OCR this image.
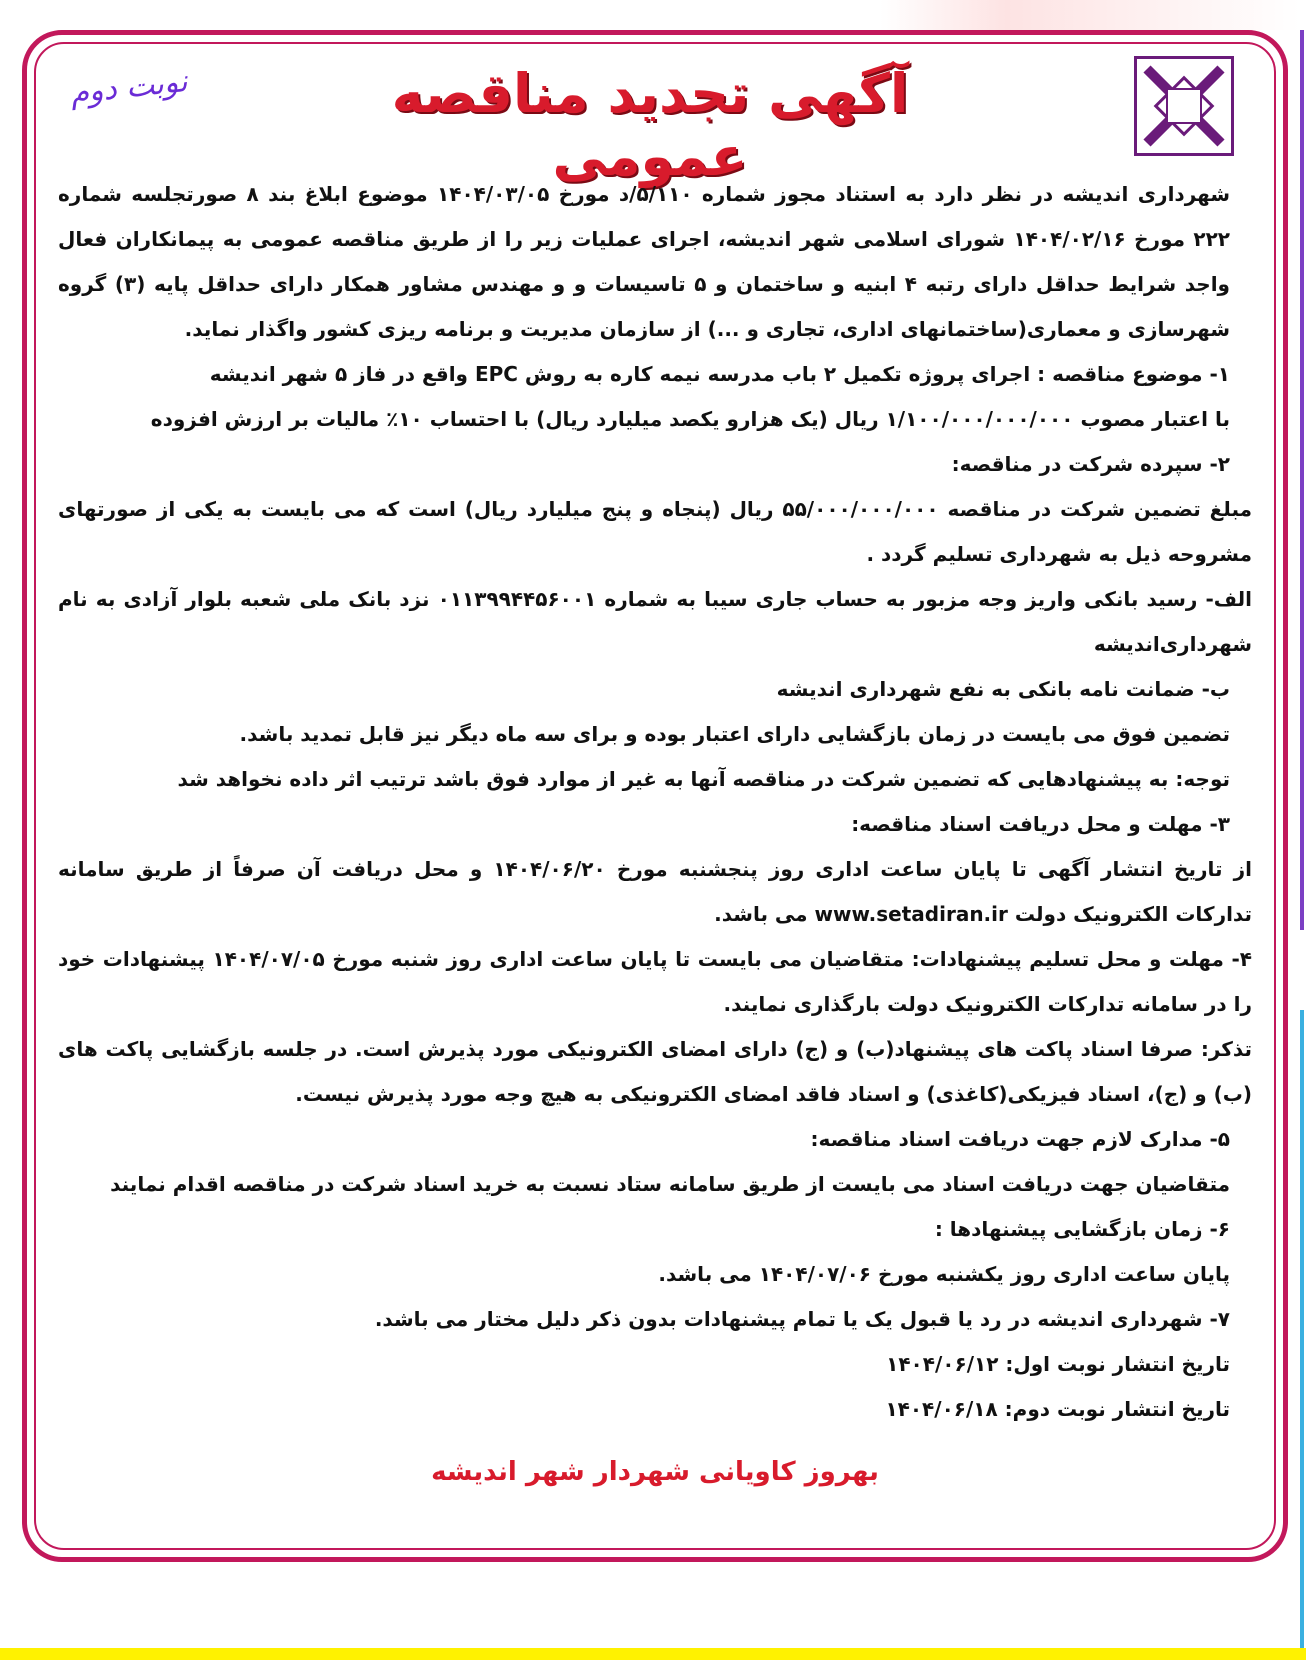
آگهی تجدید مناقصه عمومی
نوبت دوم

شهرداری اندیشه در نظر دارد به استناد مجوز شماره ۵/۱۱۰/د مورخ ۱۴۰۴/۰۳/۰۵ موضوع ابلاغ بند ۸ صورتجلسه شماره ۲۲۲ مورخ ۱۴۰۴/۰۲/۱۶ شورای اسلامی شهر اندیشه، اجرای عملیات زیر را از طریق مناقصه عمومی به پیمانکاران فعال واجد شرایط حداقل دارای رتبه ۴ ابنیه و ساختمان و ۵ تاسیسات و و مهندس مشاور همکار دارای حداقل پایه (۳) گروه شهرسازی و معماری(ساختمانهای اداری، تجاری و ...) از سازمان مدیریت و برنامه ریزی کشور واگذار نماید.

۱- موضوع مناقصه : اجرای پروژه تکمیل ۲ باب مدرسه نیمه کاره به روش EPC واقع در فاز ۵ شهر اندیشه

با اعتبار مصوب ۱/۱۰۰/۰۰۰/۰۰۰/۰۰۰ ریال (یک هزارو یکصد میلیارد ریال) با احتساب ۱۰٪ مالیات بر ارزش افزوده

۲- سپرده شرکت در مناقصه:

مبلغ تضمین شرکت در مناقصه ۵۵/۰۰۰/۰۰۰/۰۰۰ ریال (پنجاه و پنج میلیارد ریال) است که می بایست به یکی از صورتهای مشروحه ذیل به شهرداری تسلیم گردد .

الف- رسید بانکی واریز وجه مزبور به حساب جاری سیبا به شماره ۰۱۱۳۹۹۴۴۵۶۰۰۱ نزد بانک ملی شعبه بلوار آزادی به نام شهرداری‌اندیشه

ب- ضمانت نامه بانکی به نفع شهرداری اندیشه

تضمین فوق می بایست در زمان بازگشایی دارای اعتبار بوده و برای سه ماه دیگر نیز قابل تمدید باشد.

توجه: به پیشنهادهایی که تضمین شرکت در مناقصه آنها به غیر از موارد فوق باشد ترتیب اثر داده نخواهد شد

۳- مهلت و محل دریافت اسناد مناقصه:

از تاریخ انتشار آگهی تا پایان ساعت اداری روز پنجشنبه مورخ ۱۴۰۴/۰۶/۲۰ و محل دریافت آن صرفاً از طریق سامانه تدارکات الکترونیک دولت www.setadiran.ir می باشد.

۴- مهلت و محل تسلیم پیشنهادات: متقاضیان می بایست تا پایان ساعت اداری روز شنبه مورخ ۱۴۰۴/۰۷/۰۵ پیشنهادات خود را در سامانه تدارکات الکترونیک دولت بارگذاری نمایند.

تذکر: صرفا اسناد پاکت های پیشنهاد(ب) و (ج) دارای امضای الکترونیکی مورد پذیرش است. در جلسه بازگشایی پاکت های (ب) و (ج)، اسناد فیزیکی(کاغذی) و اسناد فاقد امضای الکترونیکی به هیچ وجه مورد پذیرش نیست.

۵- مدارک لازم جهت دریافت اسناد مناقصه:

متقاضیان جهت دریافت اسناد می بایست از طریق سامانه ستاد نسبت به خرید اسناد شرکت در مناقصه اقدام نمایند

۶- زمان بازگشایی پیشنهادها :

پایان ساعت اداری روز یکشنبه مورخ ۱۴۰۴/۰۷/۰۶ می باشد.

۷- شهرداری اندیشه در رد یا قبول یک یا تمام پیشنهادات بدون ذکر دلیل مختار می باشد.

تاریخ انتشار نوبت اول: ۱۴۰۴/۰۶/۱۲

تاریخ انتشار نوبت دوم: ۱۴۰۴/۰۶/۱۸

بهروز کاویانی شهردار شهر اندیشه
